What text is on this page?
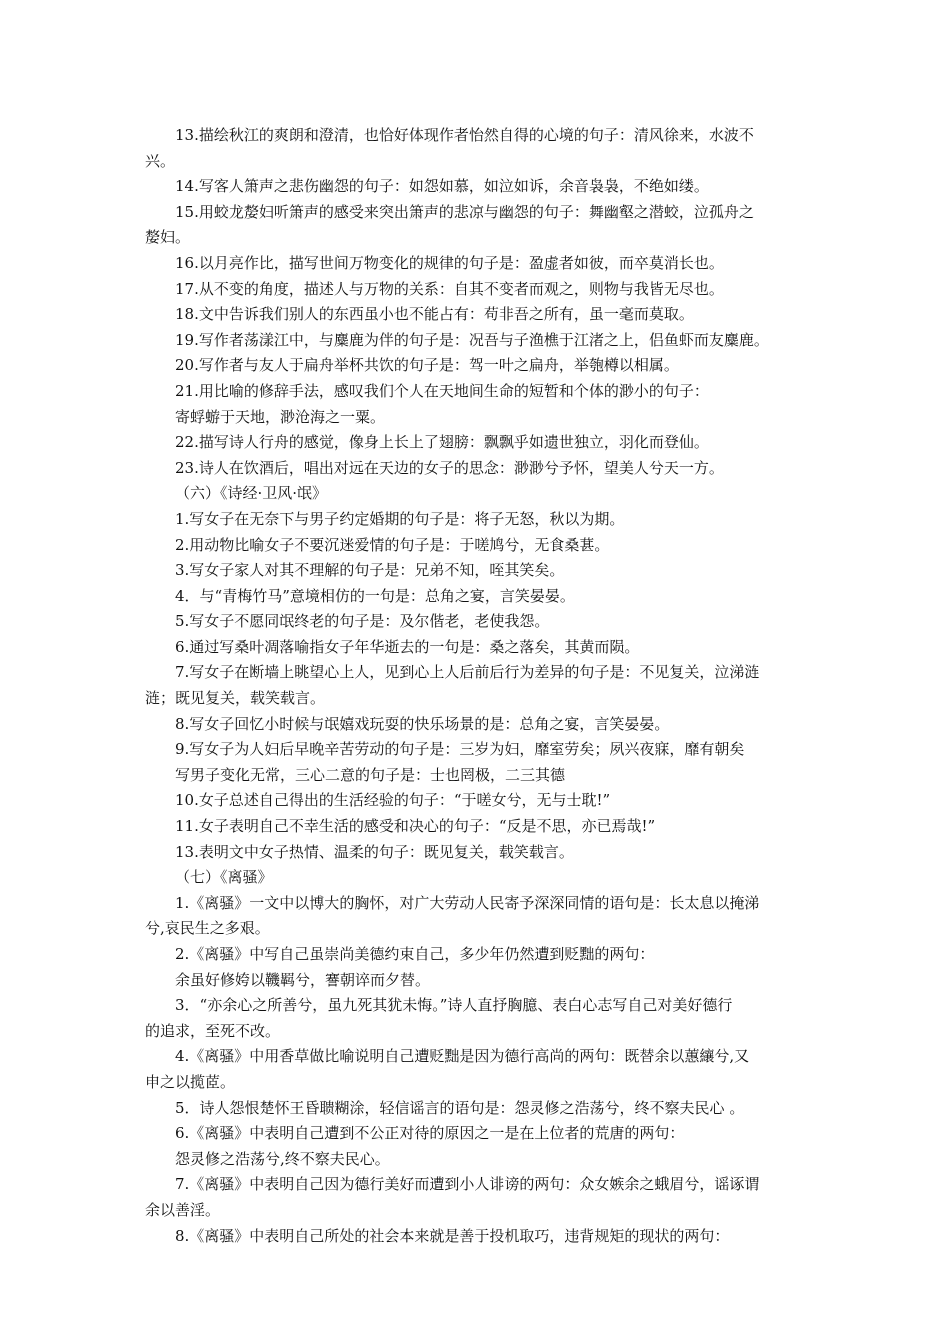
13.描绘秋江的爽朗和澄清，也恰好体现作者怡然自得的心境的句子：清风徐来，水波不
兴。
14.写客人箫声之悲伤幽怨的句子：如怨如慕，如泣如诉，余音袅袅，不绝如缕。
15.用蛟龙嫠妇听箫声的感受来突出箫声的悲凉与幽怨的句子：舞幽壑之潜蛟，泣孤舟之
嫠妇。
16.以月亮作比，描写世间万物变化的规律的句子是：盈虚者如彼，而卒莫消长也。
17.从不变的角度，描述人与万物的关系：自其不变者而观之，则物与我皆无尽也。
18.文中告诉我们别人的东西虽小也不能占有：苟非吾之所有，虽一毫而莫取。
19.写作者荡漾江中，与麋鹿为伴的句子是：况吾与子渔樵于江渚之上，侣鱼虾而友麋鹿。
20.写作者与友人于扁舟举杯共饮的句子是：驾一叶之扁舟，举匏樽以相属。
21.用比喻的修辞手法，感叹我们个人在天地间生命的短暂和个体的渺小的句子：
寄蜉蝣于天地，渺沧海之一粟。
22.描写诗人行舟的感觉，像身上长上了翅膀：飘飘乎如遗世独立，羽化而登仙。
23.诗人在饮酒后，唱出对远在天边的女子的思念：渺渺兮予怀，望美人兮天一方。
（六）《诗经·卫风·氓》
1.写女子在无奈下与男子约定婚期的句子是：将子无怒，秋以为期。
2.用动物比喻女子不要沉迷爱情的句子是：于嗟鸠兮，无食桑葚。
3.写女子家人对其不理解的句子是：兄弟不知，咥其笑矣。
4．与“青梅竹马”意境相仿的一句是：总角之宴，言笑晏晏。
5.写女子不愿同氓终老的句子是：及尔偕老，老使我怨。
6.通过写桑叶凋落喻指女子年华逝去的一句是：桑之落矣，其黄而陨。
7.写女子在断墙上眺望心上人，见到心上人后前后行为差异的句子是：不见复关，泣涕涟
涟；既见复关，载笑载言。
8.写女子回忆小时候与氓嬉戏玩耍的快乐场景的是：总角之宴，言笑晏晏。
9.写女子为人妇后早晚辛苦劳动的句子是：三岁为妇，靡室劳矣；夙兴夜寐，靡有朝矣
写男子变化无常，三心二意的句子是：士也罔极，二三其德
10.女子总述自己得出的生活经验的句子：“于嗟女兮，无与士耽!”
11.女子表明自己不幸生活的感受和决心的句子：“反是不思，亦已焉哉!”
13.表明文中女子热情、温柔的句子：既见复关，载笑载言。
（七）《离骚》
1.《离骚》一文中以博大的胸怀，对广大劳动人民寄予深深同情的语句是：长太息以掩涕
兮,哀民生之多艰。
2.《离骚》中写自己虽崇尚美德约束自己，多少年仍然遭到贬黜的两句：
余虽好修姱以鞿羁兮，謇朝谇而夕替。
3．“亦余心之所善兮，虽九死其犹未悔。”诗人直抒胸臆、表白心志写自己对美好德行
的追求，至死不改。
4.《离骚》中用香草做比喻说明自己遭贬黜是因为德行高尚的两句：既替余以蕙纕兮,又
申之以揽茝。
5．诗人怨恨楚怀王昏聩糊涂，轻信谣言的语句是：怨灵修之浩荡兮，终不察夫民心 。
6.《离骚》中表明自己遭到不公正对待的原因之一是在上位者的荒唐的两句：
怨灵修之浩荡兮,终不察夫民心。
7.《离骚》中表明自己因为德行美好而遭到小人诽谤的两句：众女嫉余之蛾眉兮，谣诼谓
余以善淫。
8.《离骚》中表明自己所处的社会本来就是善于投机取巧，违背规矩的现状的两句：
